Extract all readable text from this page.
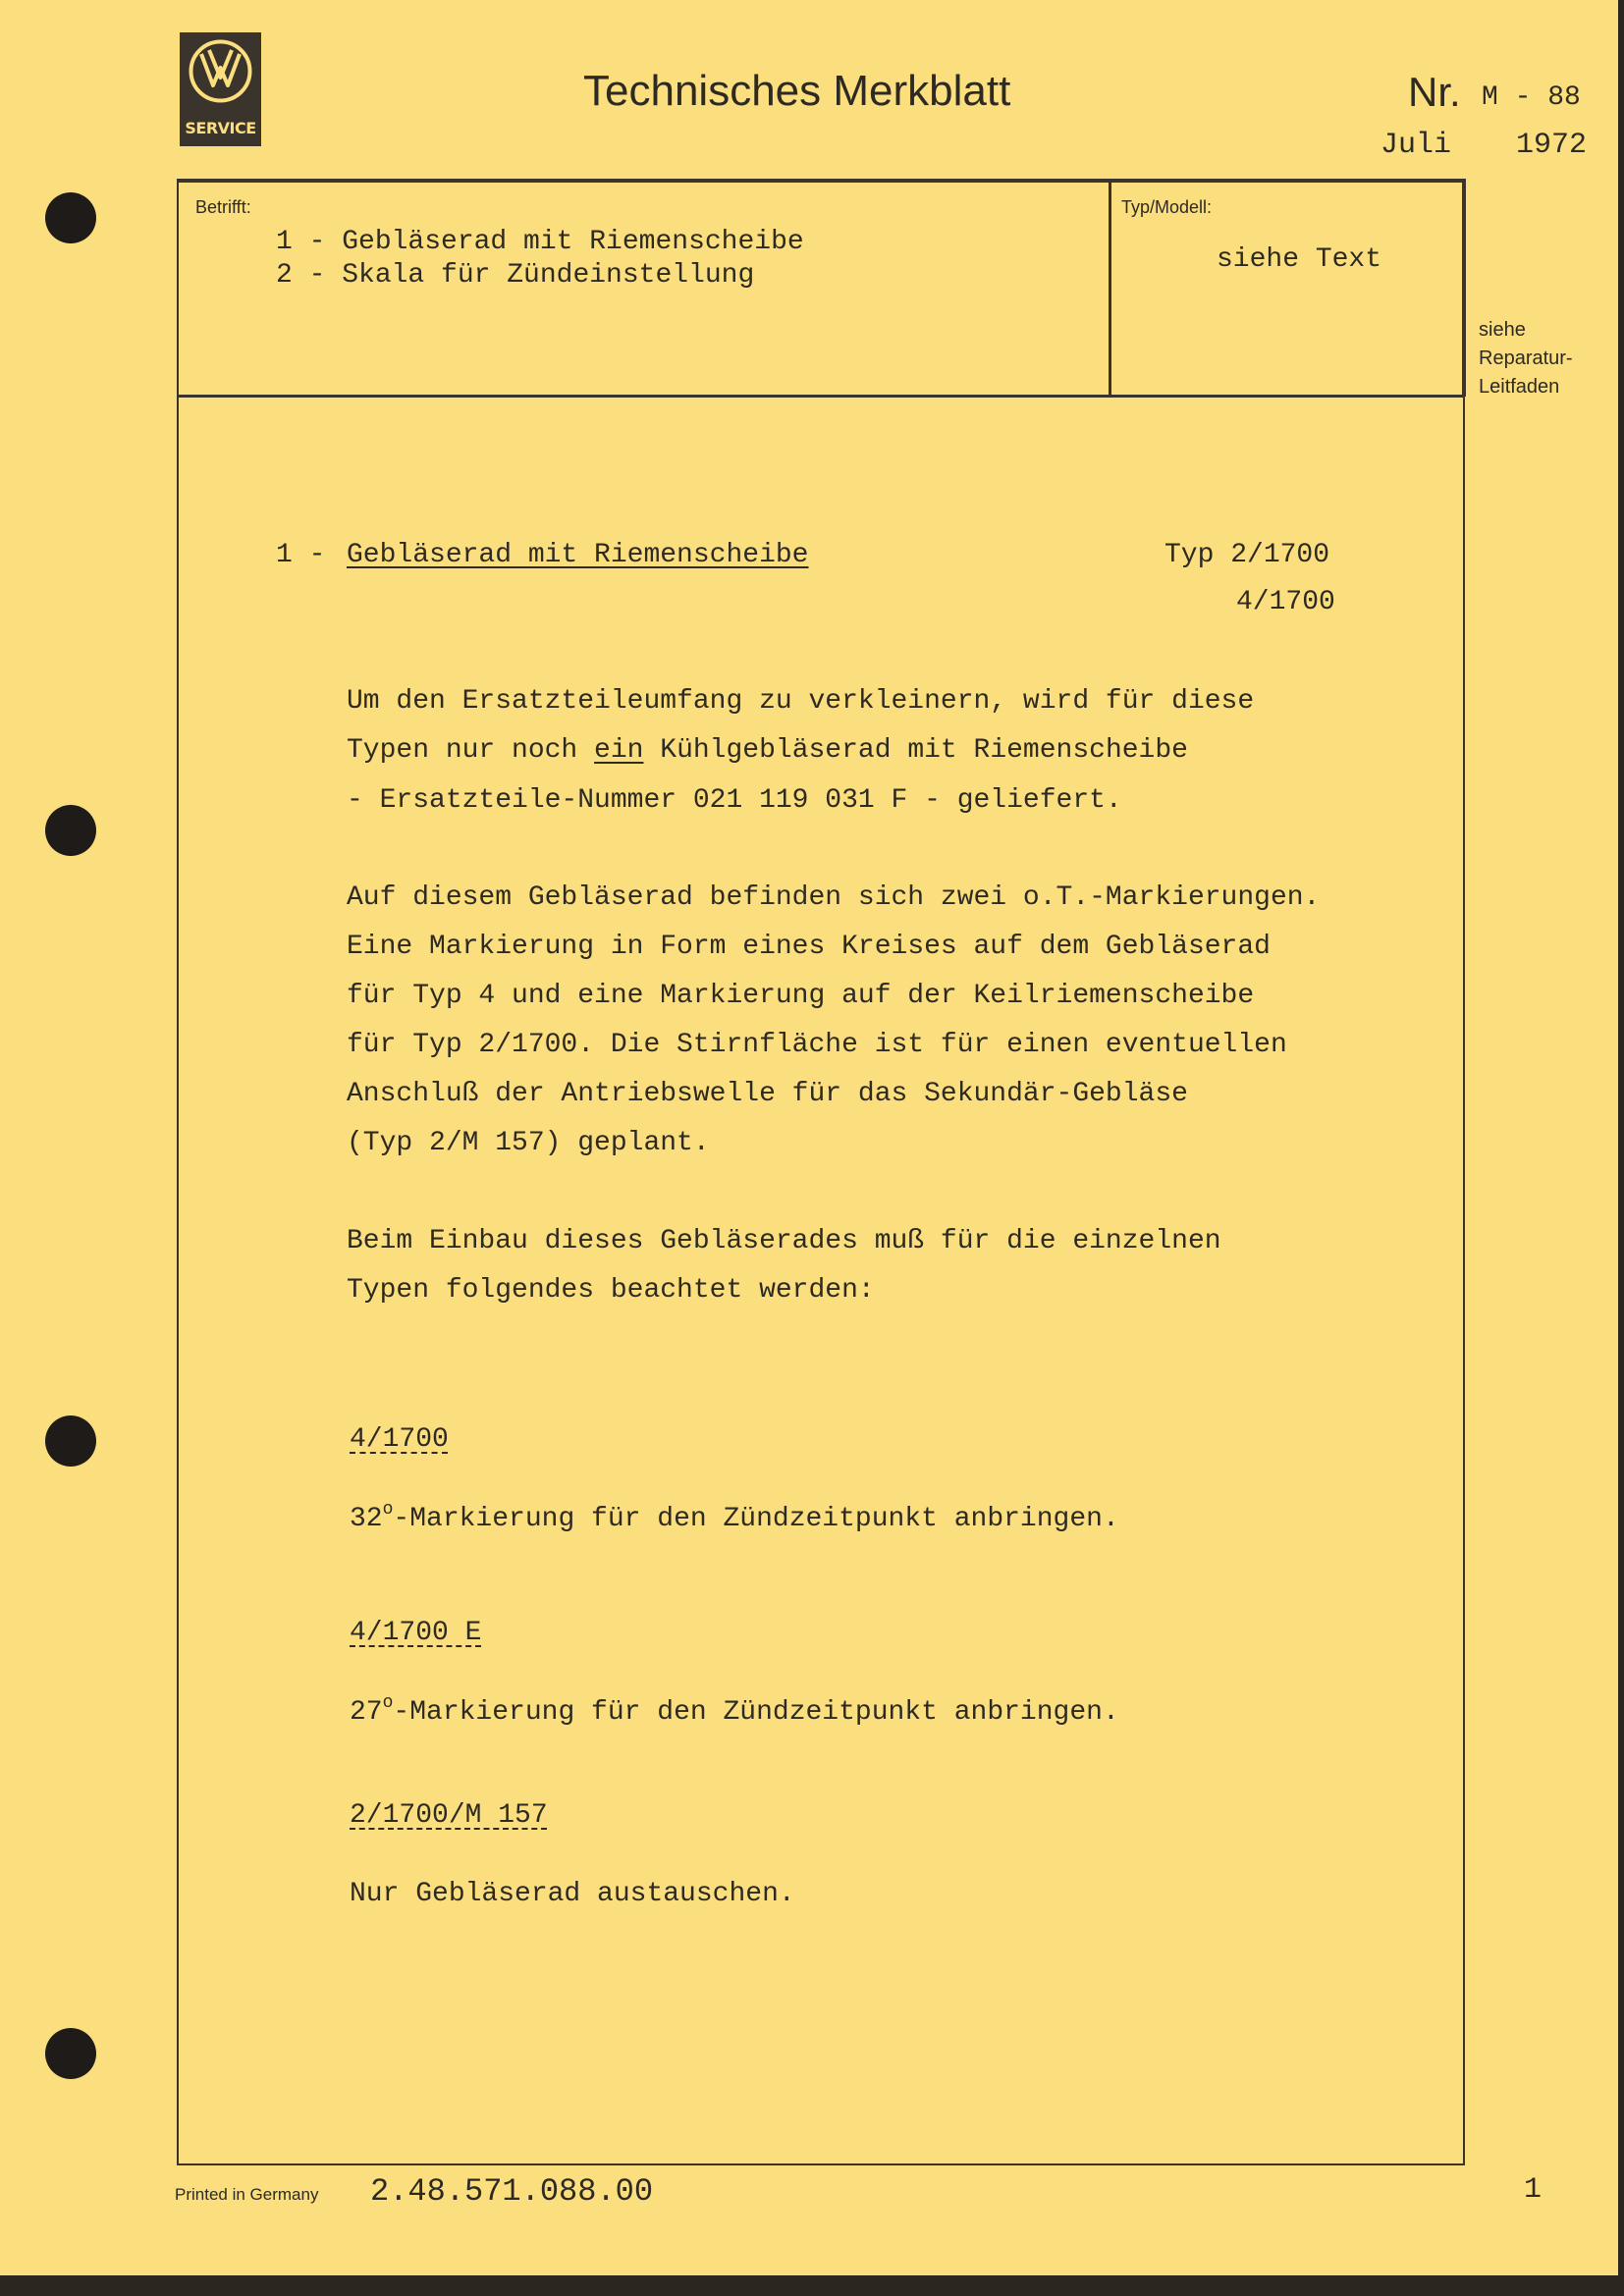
SERVICE
Technisches Merkblatt	Nr. M - 88
Juli 1972
Betrifft:
1 - Gebläserad mit Riemenscheibe
2 - Skala für Zündeinstellung
Typ/Modell:
siehe Text
siehe Reparatur-Leitfaden
1 - Gebläserad mit Riemenscheibe	Typ 2/1700
4/1700
Um den Ersatzteileumfang zu verkleinern, wird für diese
Typen nur noch ein Kühlgebläserad mit Riemenscheibe
- Ersatzteile-Nummer 021 119 031 F - geliefert.
Auf diesem Gebläserad befinden sich zwei o.T.-Markierungen.
Eine Markierung in Form eines Kreises auf dem Gebläserad
für Typ 4 und eine Markierung auf der Keilriemenscheibe
für Typ 2/1700. Die Stirnfläche ist für einen eventuellen
Anschluß der Antriebswelle für das Sekundär-Gebläse
(Typ 2/M 157) geplant.
Beim Einbau dieses Gebläserades muß für die einzelnen
Typen folgendes beachtet werden:
4/1700
32$^o$-Markierung für den Zündzeitpunkt anbringen.
4/1700 E
27$^o$-Markierung für den Zündzeitpunkt anbringen.
2/1700/M 157
Nur Gebläserad austauschen.
Printed in Germany 2.48.571.088.00	1
